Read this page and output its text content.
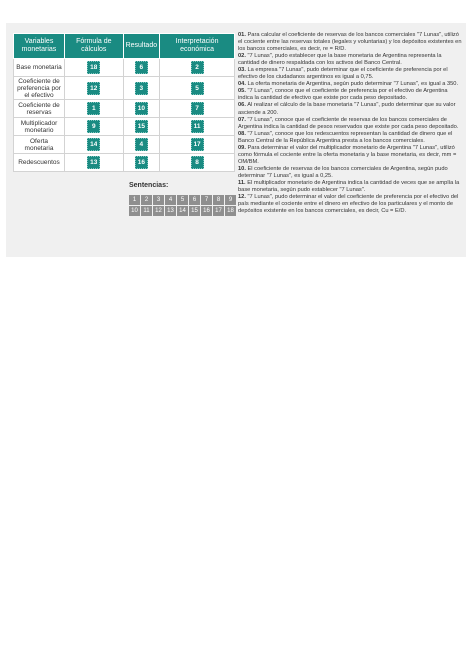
Variables monetarias	Fórmula de cálculos	Resultado	Interpretación económica
Base monetaria	18	6	2
Coeficiente de preferencia por el efectivo	12	3	5
Coeficiente de reservas	1	10	7
Multiplicador monetario	9	15	11
Oferta monetaria	14	4	17
Redescuentos	13	16	8
Sentencias:
1	2	3	4	5	6	7	8	9
10 11 12 13 14 15 16 17 18

01. Para calcular el coeficiente de reservas de los bancos comerciales "7 Lunas", utilizó el cociente entre las reservas totales (legales y voluntarias) y los depósitos existentes en los bancos comerciales, es decir, re = R/D.

02. "7 Lunas", pudo establecer que la base monetaria de Argentina representa la cantidad de dinero respaldada con los activos del Banco Central.

03. La empresa "7 Lunas", pudo determinar que el coeficiente de preferencia por el efectivo de los ciudadanos argentinos es igual a 0,75.

04. La oferta monetaria de Argentina, según pudo determinar "7 Lunas", es igual a 350.

05. "7 Lunas", conoce que el coeficiente de preferencia por el efectivo de Argentina indica la cantidad de efectivo que existe por cada peso depositado.

06. Al realizar el cálculo de la base monetaria "7 Lunas", pudo determinar que su valor asciende a 200.

07. "7 Lunas", conoce que el coeficiente de reservas de los bancos comerciales de Argentina indica la cantidad de pesos reservados que existe por cada peso depositado.

08. "7 Lunas", conoce que los redescuentos representan la cantidad de dinero que el Banco Central de la República Argentina presta a los bancos comerciales.

09. Para determinar el valor del multiplicador monetario de Argentina "7 Lunas", utilizó como fórmula el cociente entre la oferta monetaria y la base monetaria, es decir, mm = OM/BM.

10. El coeficiente de reservas de los bancos comerciales de Argentina, según pudo determinar "7 Lunas", es igual a 0,25.

11. El multiplicador monetario de Argentina indica la cantidad de veces que se amplía la base monetaria, según pudo establecer "7 Lunas".

12. "7 Lunas", pudo determinar el valor del coeficiente de preferencia por el efectivo del país mediante el cociente entre el dinero en efectivo de los particulares y el monto de depósitos existente en los bancos comerciales, es decir, Cu = E/D.
